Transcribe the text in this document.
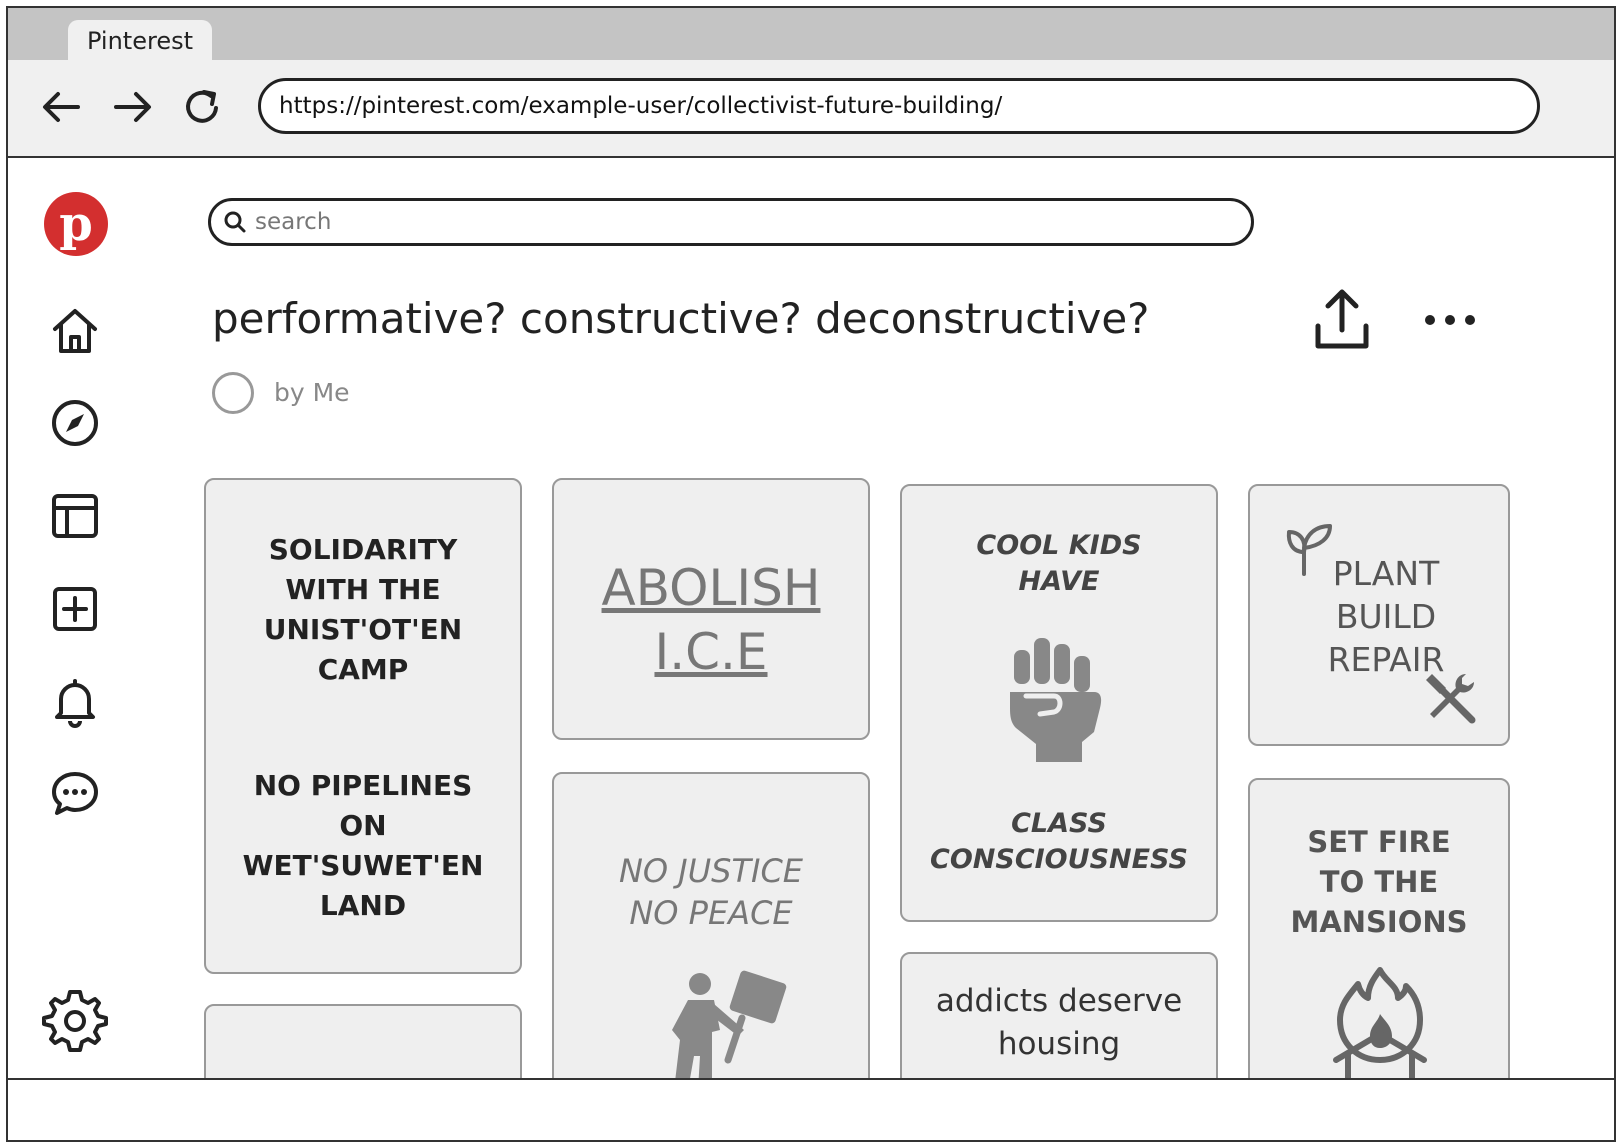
Pinterest
https://pinterest.com/example-user/collectivist-future-building/
p
search
performative? constructive? deconstructive?
by Me
SOLIDARITY
WITH THE
UNIST'OT'EN
CAMP
NO PIPELINES
ON
WET'SUWET'EN
LAND
ABOLISH
I.C.E
NO JUSTICE
NO PEACE
COOL KIDS
HAVE
CLASS
CONSCIOUSNESS
addicts deserve
housing
PLANT
BUILD
REPAIR
SET FIRE
TO THE
MANSIONS
